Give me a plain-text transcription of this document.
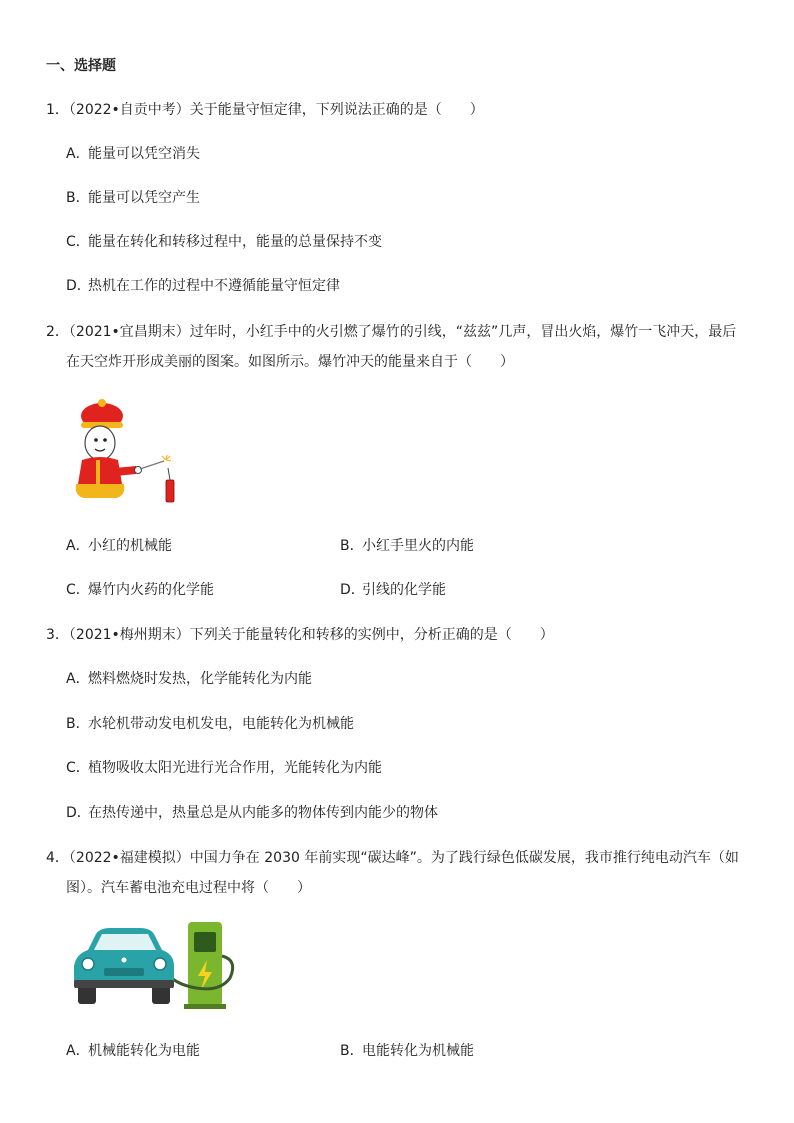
一、选择题
1．（2022•自贡中考）关于能量守恒定律，下列说法正确的是（　　）
A．能量可以凭空消失
B．能量可以凭空产生
C．能量在转化和转移过程中，能量的总量保持不变
D．热机在工作的过程中不遵循能量守恒定律
2．（2021•宜昌期末）过年时，小红手中的火引燃了爆竹的引线，“兹兹”几声，冒出火焰，爆竹一飞冲天，最后
在天空炸开形成美丽的图案。如图所示。爆竹冲天的能量来自于（　　）
A．小红的机械能	B．小红手里火的内能
C．爆竹内火药的化学能	D．引线的化学能
3．（2021•梅州期末）下列关于能量转化和转移的实例中，分析正确的是（　　）
A．燃料燃烧时发热，化学能转化为内能
B．水轮机带动发电机发电，电能转化为机械能
C．植物吸收太阳光进行光合作用，光能转化为内能
D．在热传递中，热量总是从内能多的物体传到内能少的物体
4．（2022•福建模拟）中国力争在 2030 年前实现“碳达峰”。为了践行绿色低碳发展，我市推行纯电动汽车（如
图）。汽车蓄电池充电过程中将（　　）
A．机械能转化为电能	B．电能转化为机械能
